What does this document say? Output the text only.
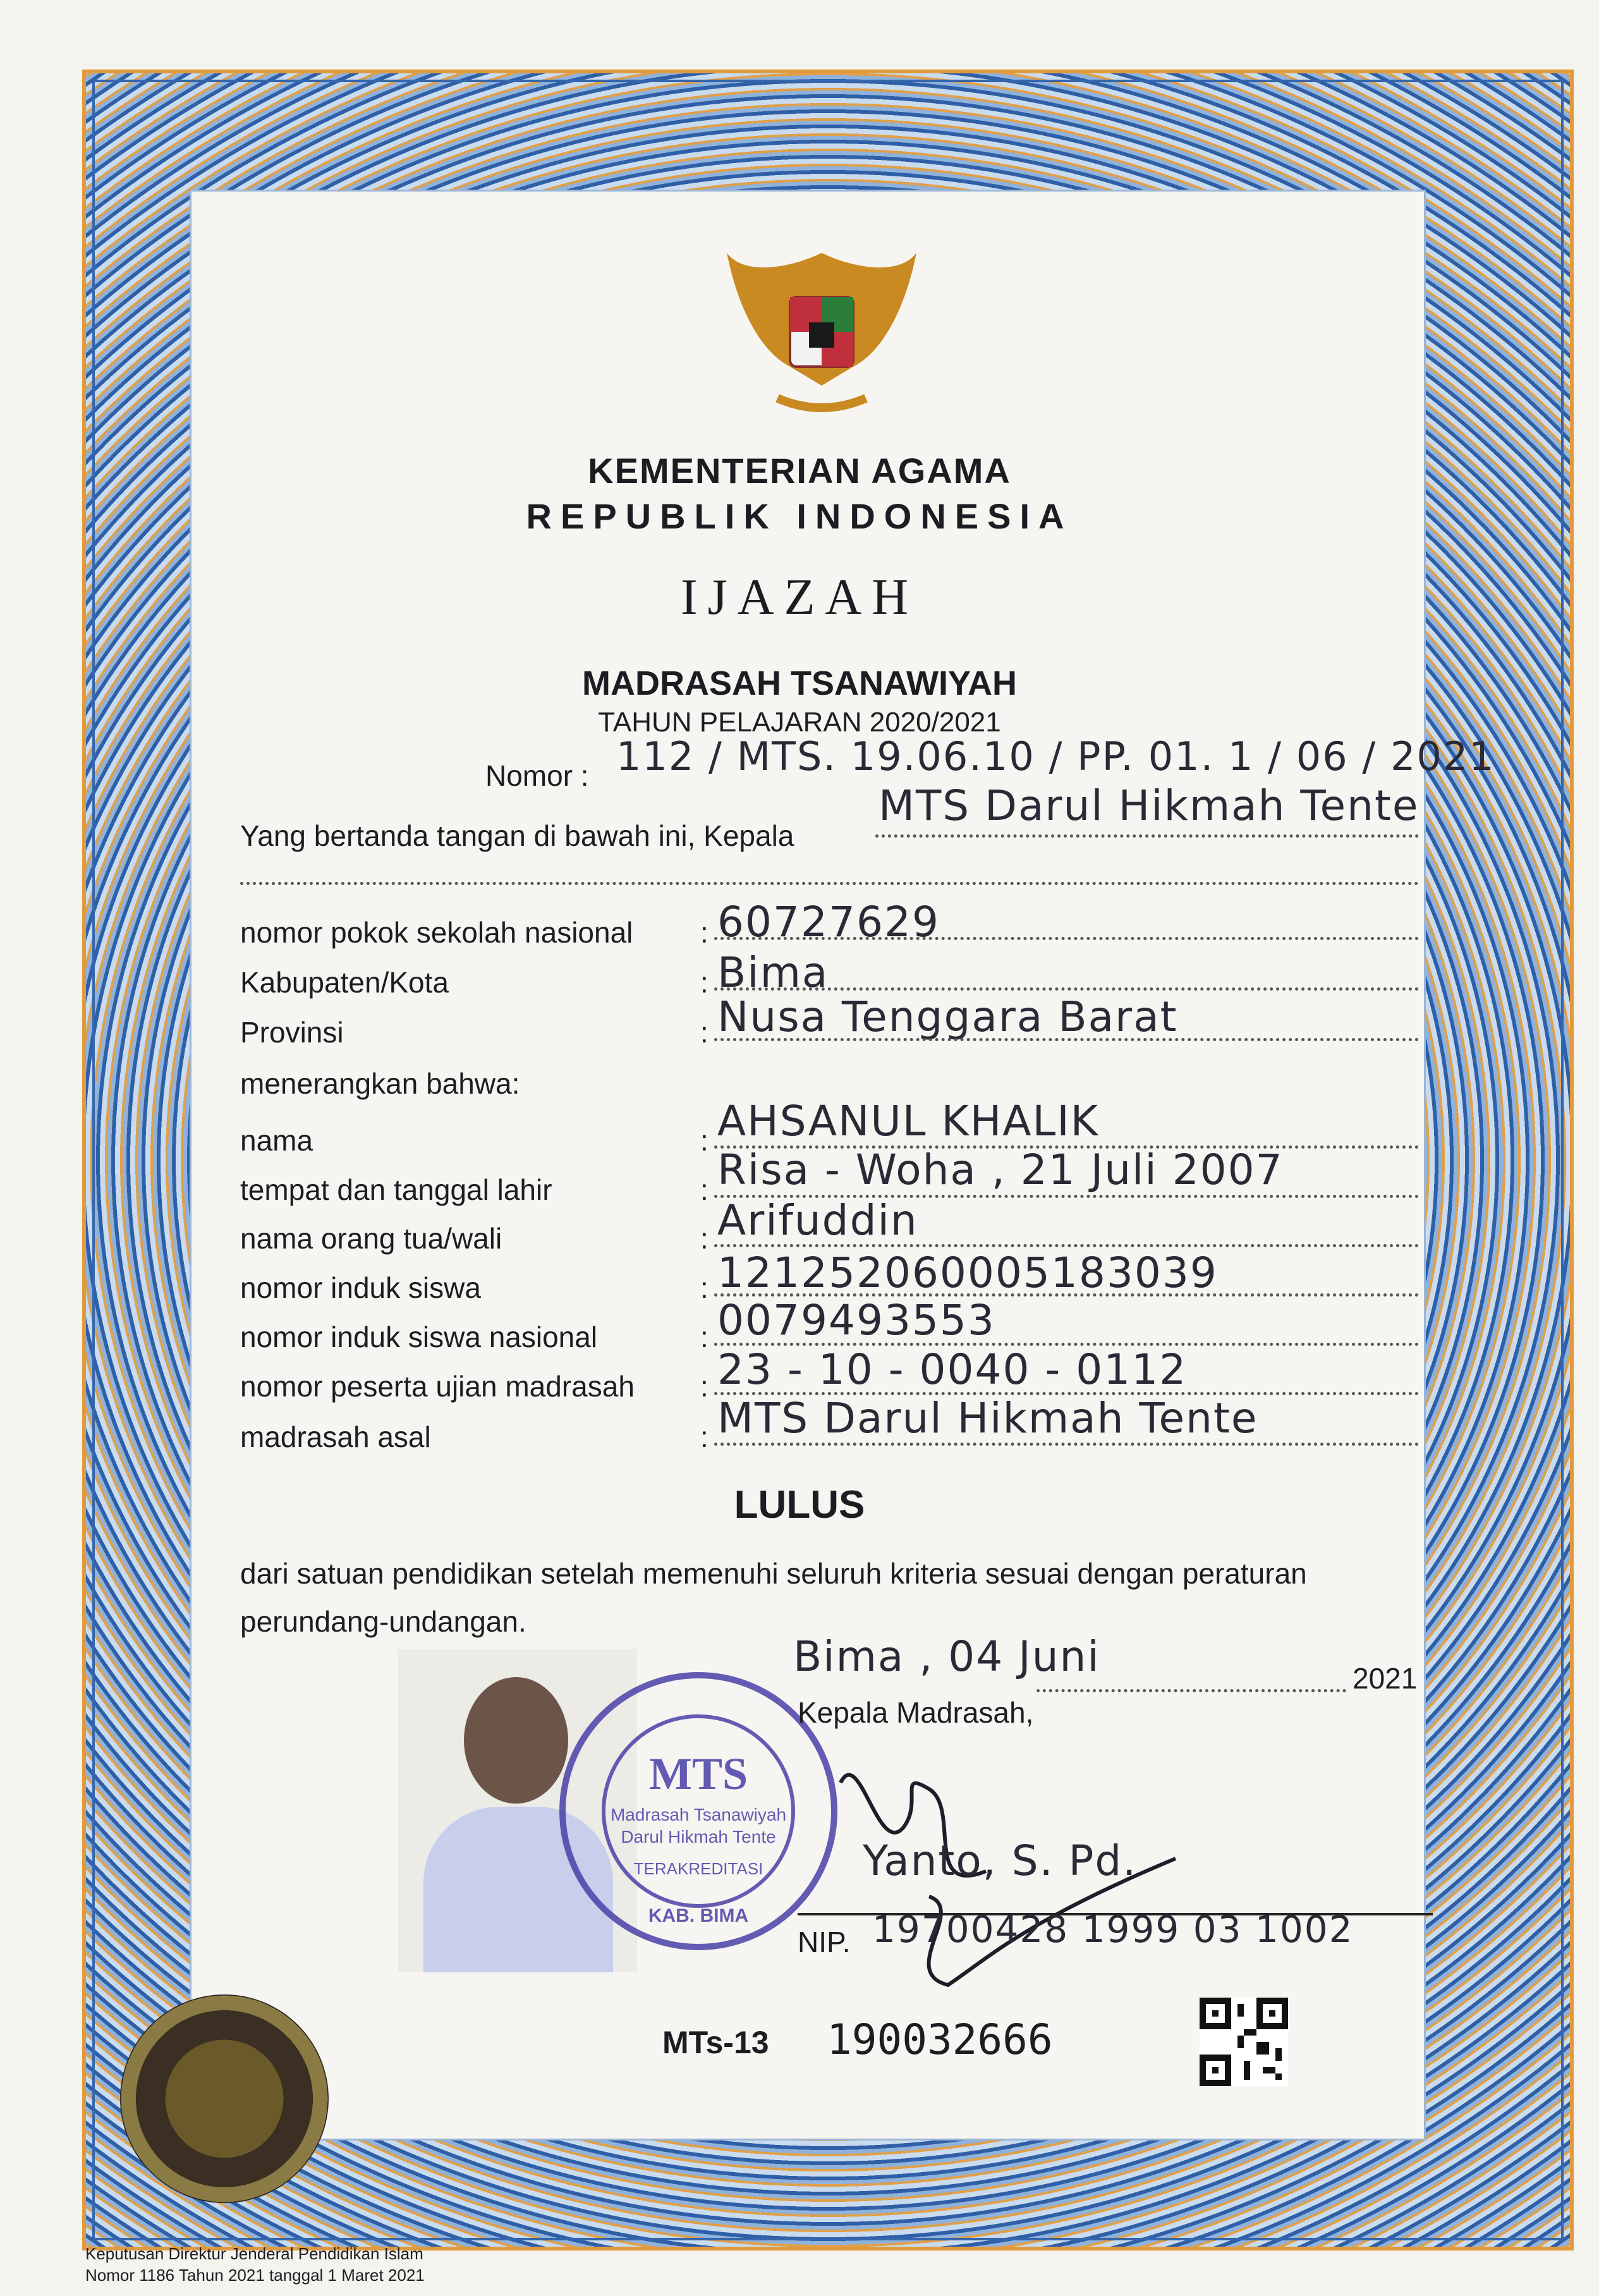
KEMENTERIAN AGAMA
REPUBLIK INDONESIA
IJAZAH
MADRASAH TSANAWIYAH
TAHUN PELAJARAN 2020/2021
Nomor : 112 / MTS. 19.06.10 / PP. 01. 1 / 06 / 2021
Yang bertanda tangan di bawah ini, Kepala
MTS Darul Hikmah Tente
nomor pokok sekolah nasional : 60727629
Kabupaten/Kota	: Bima
Provinsi	: Nusa Tenggara Barat
menerangkan bahwa:
nama	: AHSANUL KHALIK
tempat dan tanggal lahir	: Risa - Woha , 21 Juli 2007
nama orang tua/wali	: Arifuddin
nomor induk siswa	: 121252060005183039
nomor induk siswa nasional	: 0079493553
nomor peserta ujian madrasah : 23 - 10 - 0040 - 0112
madrasah asal	: MTS Darul Hikmah Tente
LULUS
dari satuan pendidikan setelah memenuhi seluruh kriteria sesuai dengan peraturan
perundang-undangan.
MTS
Madrasah Tsanawiyah
Darul Hikmah Tente
TERAKREDITASI
KAB. BIMA
Bima , 04 Juni	2021
Kepala Madrasah,
Yanto, S. Pd.
NIP. 19700428 1999 03 1002
MTs-13 190032666
Keputusan Direktur Jenderal Pendidikan Islam
Nomor 1186 Tahun 2021 tanggal 1 Maret 2021
